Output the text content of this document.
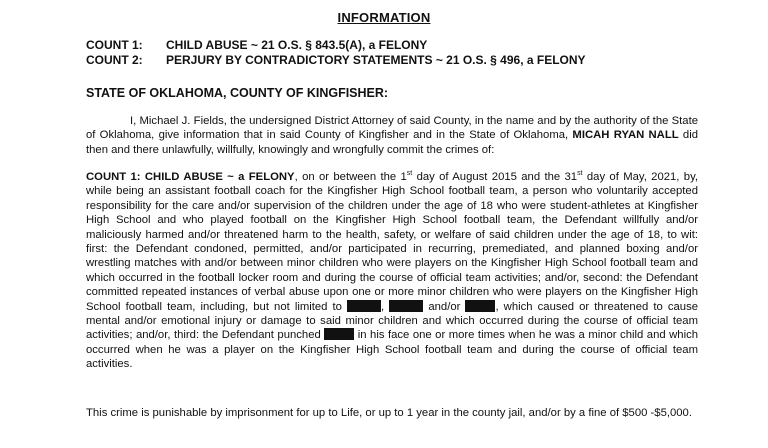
INFORMATION
COUNT 1: CHILD ABUSE ~ 21 O.S. § 843.5(A), a FELONY
COUNT 2: PERJURY BY CONTRADICTORY STATEMENTS ~ 21 O.S. § 496, a FELONY
STATE OF OKLAHOMA, COUNTY OF KINGFISHER:
I, Michael J. Fields, the undersigned District Attorney of said County, in the name and by the authority of the State of Oklahoma, give information that in said County of Kingfisher and in the State of Oklahoma, MICAH RYAN NALL did then and there unlawfully, willfully, knowingly and wrongfully commit the crimes of:
COUNT 1: CHILD ABUSE ~ a FELONY, on or between the 1st day of August 2015 and the 31st day of May, 2021, by, while being an assistant football coach for the Kingfisher High School football team, a person who voluntarily accepted responsibility for the care and/or supervision of the children under the age of 18 who were student-athletes at Kingfisher High School and who played football on the Kingfisher High School football team, the Defendant willfully and/or maliciously harmed and/or threatened harm to the health, safety, or welfare of said children under the age of 18, to wit: first: the Defendant condoned, permitted, and/or participated in recurring, premediated, and planned boxing and/or wrestling matches with and/or between minor children who were players on the Kingfisher High School football team and which occurred in the football locker room and during the course of official team activities; and/or, second: the Defendant committed repeated instances of verbal abuse upon one or more minor children who were players on the Kingfisher High School football team, including, but not limited to	,	and/or	, which caused or threatened to cause mental and/or emotional injury or damage to said minor children and which occurred during the course of official team activities; and/or, third: the Defendant punched	in his face one or more times when he was a minor child and which occurred when he was a player on the Kingfisher High School football team and during the course of official team activities.
This crime is punishable by imprisonment for up to Life, or up to 1 year in the county jail, and/or by a fine of $500 -$5,000.
